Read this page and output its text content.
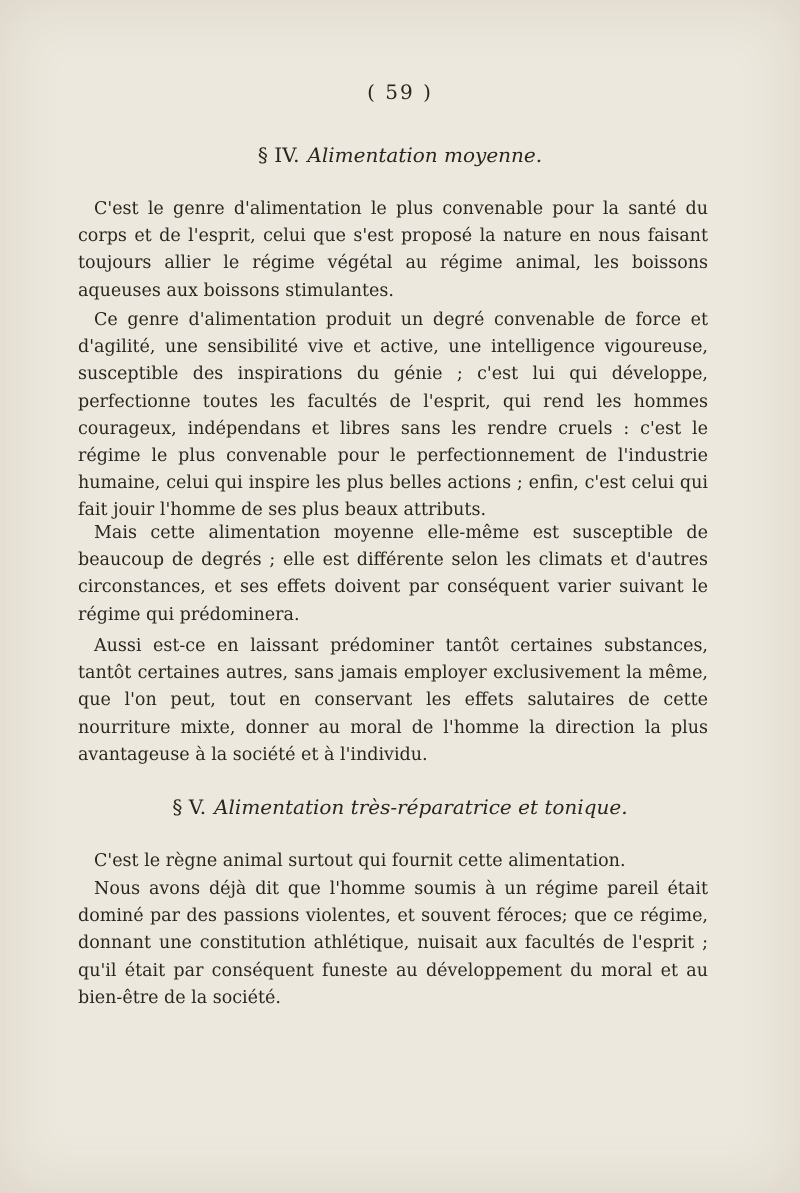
( 59 )
§ IV. Alimentation moyenne.

C'est le genre d'alimentation le plus convenable pour la santé du corps et de l'esprit, celui que s'est proposé la nature en nous faisant toujours allier le régime végétal au régime animal, les boissons aqueuses aux boissons stimulantes.

Ce genre d'alimentation produit un degré convenable de force et d'agilité, une sensibilité vive et active, une intelligence vigoureuse, susceptible des inspirations du génie ; c'est lui qui développe, perfectionne toutes les facultés de l'esprit, qui rend les hommes courageux, indépendans et libres sans les rendre cruels : c'est le régime le plus convenable pour le perfectionnement de l'industrie humaine, celui qui inspire les plus belles actions ; enfin, c'est celui qui fait jouir l'homme de ses plus beaux attributs.

Mais cette alimentation moyenne elle-même est susceptible de beaucoup de degrés ; elle est différente selon les climats et d'autres circonstances, et ses effets doivent par conséquent varier suivant le régime qui prédominera.

Aussi est-ce en laissant prédominer tantôt certaines substances, tantôt certaines autres, sans jamais employer exclusivement la même, que l'on peut, tout en conservant les effets salutaires de cette nourriture mixte, donner au moral de l'homme la direction la plus avantageuse à la société et à l'individu.

§ V. Alimentation très-réparatrice et tonique.

C'est le règne animal surtout qui fournit cette alimentation.

Nous avons déjà dit que l'homme soumis à un régime pareil était dominé par des passions violentes, et souvent féroces; que ce régime, donnant une constitution athlétique, nuisait aux facultés de l'esprit ; qu'il était par conséquent funeste au développement du moral et au bien-être de la société.
